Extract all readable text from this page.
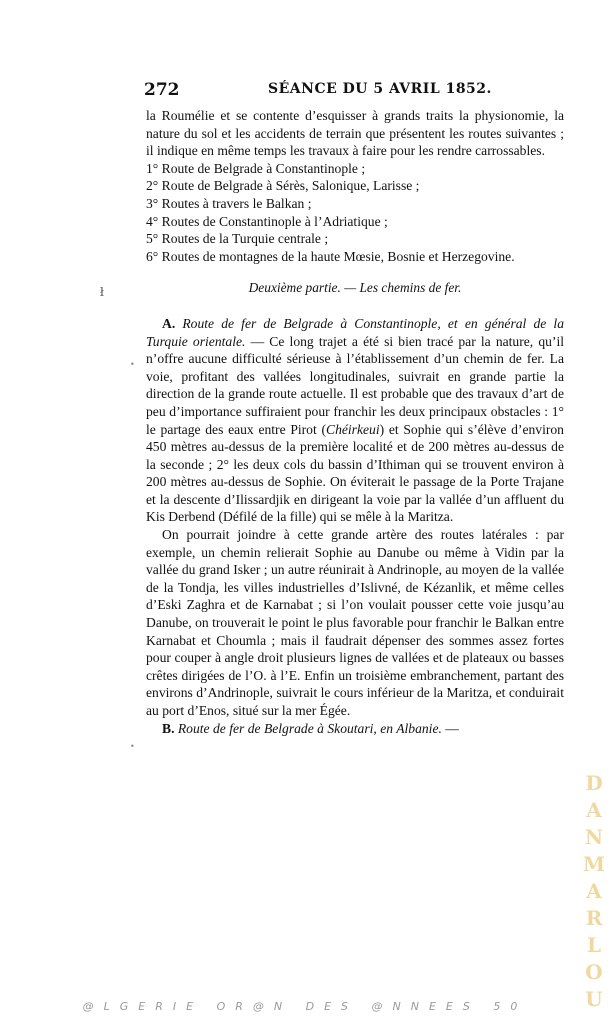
272	SÉANCE DU 5 AVRIL 1852.

la Roumélie et se contente d’esquisser à grands traits la physionomie, la nature du sol et les accidents de terrain que présentent les routes suivantes ; il indique en même temps les travaux à faire pour les rendre carrossables.

1° Route de Belgrade à Constantinople ;

2° Route de Belgrade à Sérès, Salonique, Larisse ;

3° Routes à travers le Balkan ;

4° Routes de Constantinople à l’Adriatique ;

5° Routes de la Turquie centrale ;

6° Routes de montagnes de la haute Mœsie, Bosnie et Herzegovine.

Deuxième partie. — Les chemins de fer.

A. Route de fer de Belgrade à Constantinople, et en général de la Turquie orientale. — Ce long trajet a été si bien tracé par la nature, qu’il n’offre aucune difficulté sérieuse à l’établissement d’un chemin de fer. La voie, profitant des vallées longitudinales, suivrait en grande partie la direction de la grande route actuelle. Il est probable que des travaux d’art de peu d’importance suffiraient pour franchir les deux principaux obstacles : 1° le partage des eaux entre Pirot (Chéirkeui) et Sophie qui s’élève d’environ 450 mètres au-dessus de la première localité et de 200 mètres au-dessus de la seconde ; 2° les deux cols du bassin d’Ithiman qui se trouvent environ à 200 mètres au-dessus de Sophie. On éviterait le passage de la Porte Trajane et la descente d’Ilissardjik en dirigeant la voie par la vallée d’un affluent du Kis Derbend (Défilé de la fille) qui se mêle à la Maritza.

On pourrait joindre à cette grande artère des routes latérales : par exemple, un chemin relierait Sophie au Danube ou même à Vidin par la vallée du grand Isker ; un autre réunirait à Andrinople, au moyen de la vallée de la Tondja, les villes industrielles d’Islivné, de Kézanlik, et même celles d’Eski Zaghra et de Karnabat ; si l’on voulait pousser cette voie jusqu’au Danube, on trouverait le point le plus favorable pour franchir le Balkan entre Karnabat et Choumla ; mais il faudrait dépenser des sommes assez fortes pour couper à angle droit plusieurs lignes de vallées et de plateaux ou basses crêtes dirigées de l’O. à l’E. Enfin un troisième embranchement, partant des environs d’Andrinople, suivrait le cours inférieur de la Maritza, et conduirait au port d’Enos, situé sur la mer Égée.

B. Route de fer de Belgrade à Skoutari, en Albanie. —

ł
•
•
D
A
N
M
A
R
L
O
U
@LGERIE OR@N DES @NNEES 50
